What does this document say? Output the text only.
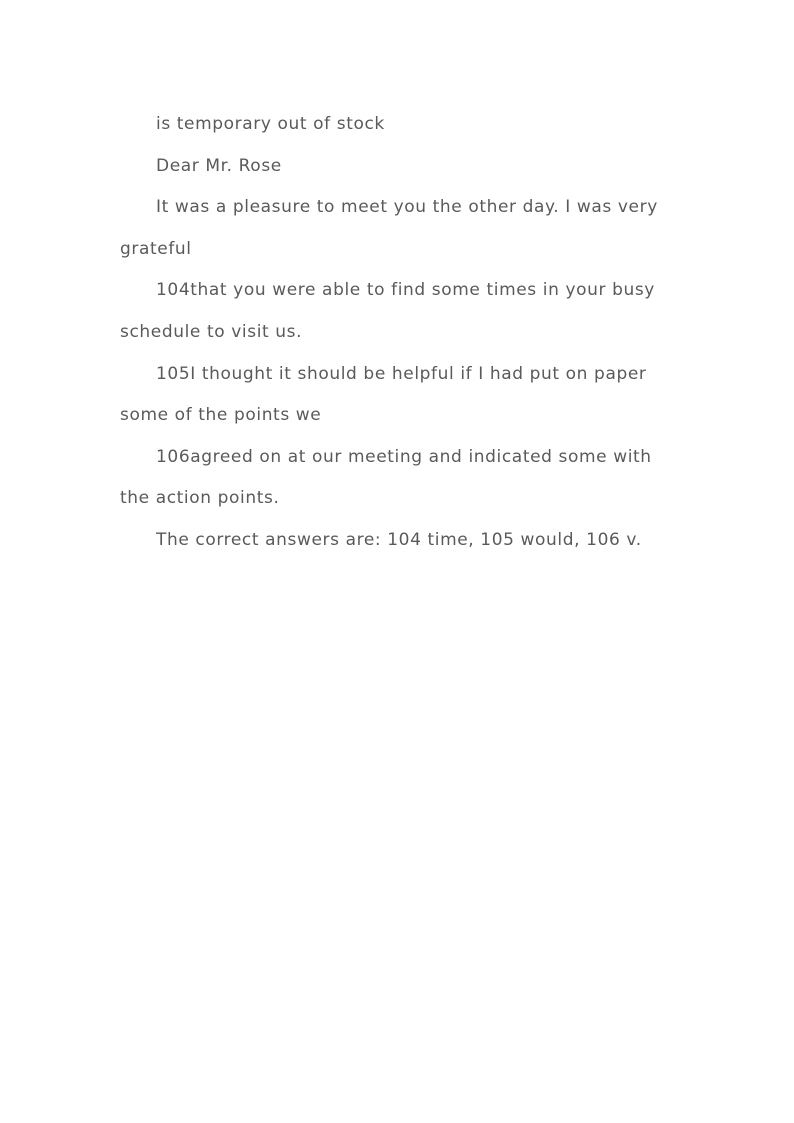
is temporary out of stock

Dear Mr. Rose

It was a pleasure to meet you the other day. I was very grateful

104that you were able to find some times in your busy schedule to visit us.

105I thought it should be helpful if I had put on paper some of the points we

106agreed on at our meeting and indicated some with the action points.

The correct answers are: 104 time, 105 would, 106 v.
